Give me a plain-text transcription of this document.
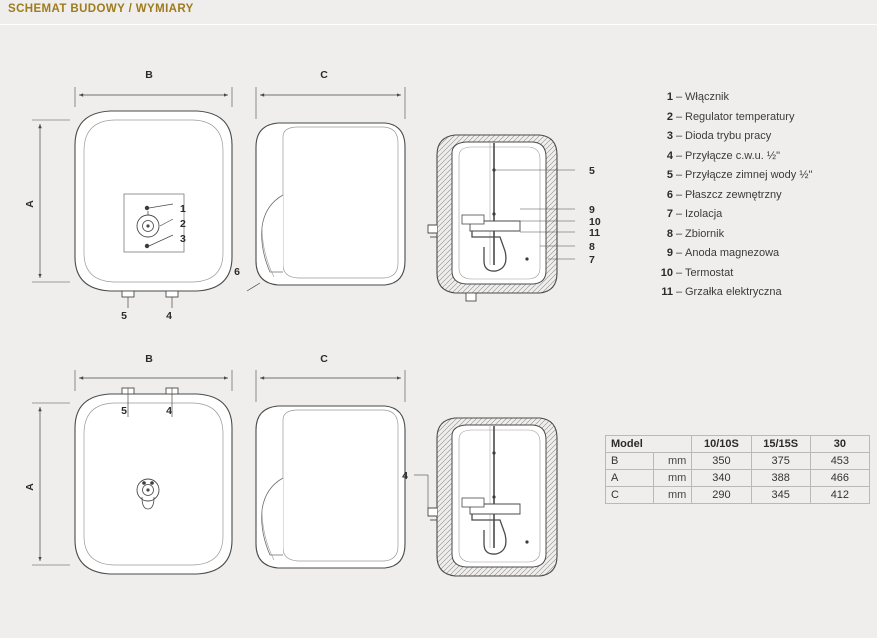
SCHEMAT BUDOWY / WYMIARY
B
A	1
2
3
5	4
C
6
5
9
10
11
8
7
B
A
5	4
C
4
1 – Włącznik
2 – Regulator temperatury
3 – Dioda trybu pracy
4 – Przyłącze c.w.u. ½"
5 – Przyłącze zimnej wody ½"
6 – Płaszcz zewnętrzny
7 – Izolacja
8 – Zbiornik
9 – Anoda magnezowa
10 – Termostat
11 – Grzałka elektryczna
Model		10/10S	15/15S	30
B	mm	350	375	453
A	mm	340	388	466
C	mm	290	345	412
